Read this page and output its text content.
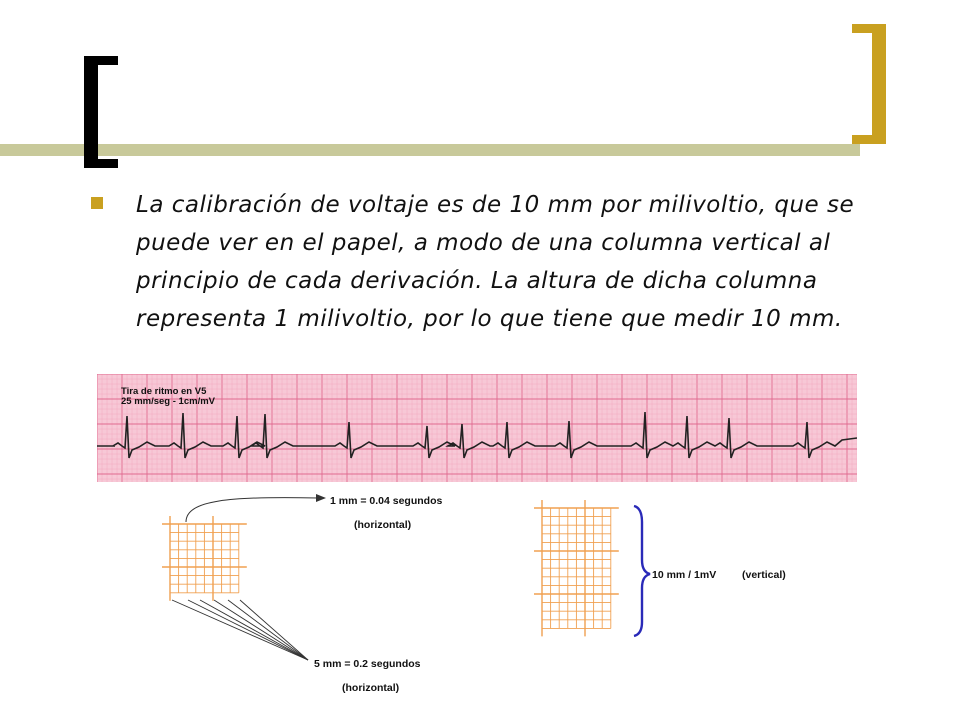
La calibración de voltaje es de 10 mm por milivoltio, que se puede ver en el papel, a modo de una columna vertical al principio de cada derivación. La altura de dicha columna representa 1 milivoltio, por lo que tiene que medir 10 mm.

Tira de ritmo en V5
25 mm/seg - 1cm/mV
1 mm = 0.04 segundos
(horizontal)
5 mm = 0.2 segundos
(horizontal)
10 mm / 1mV (vertical)
